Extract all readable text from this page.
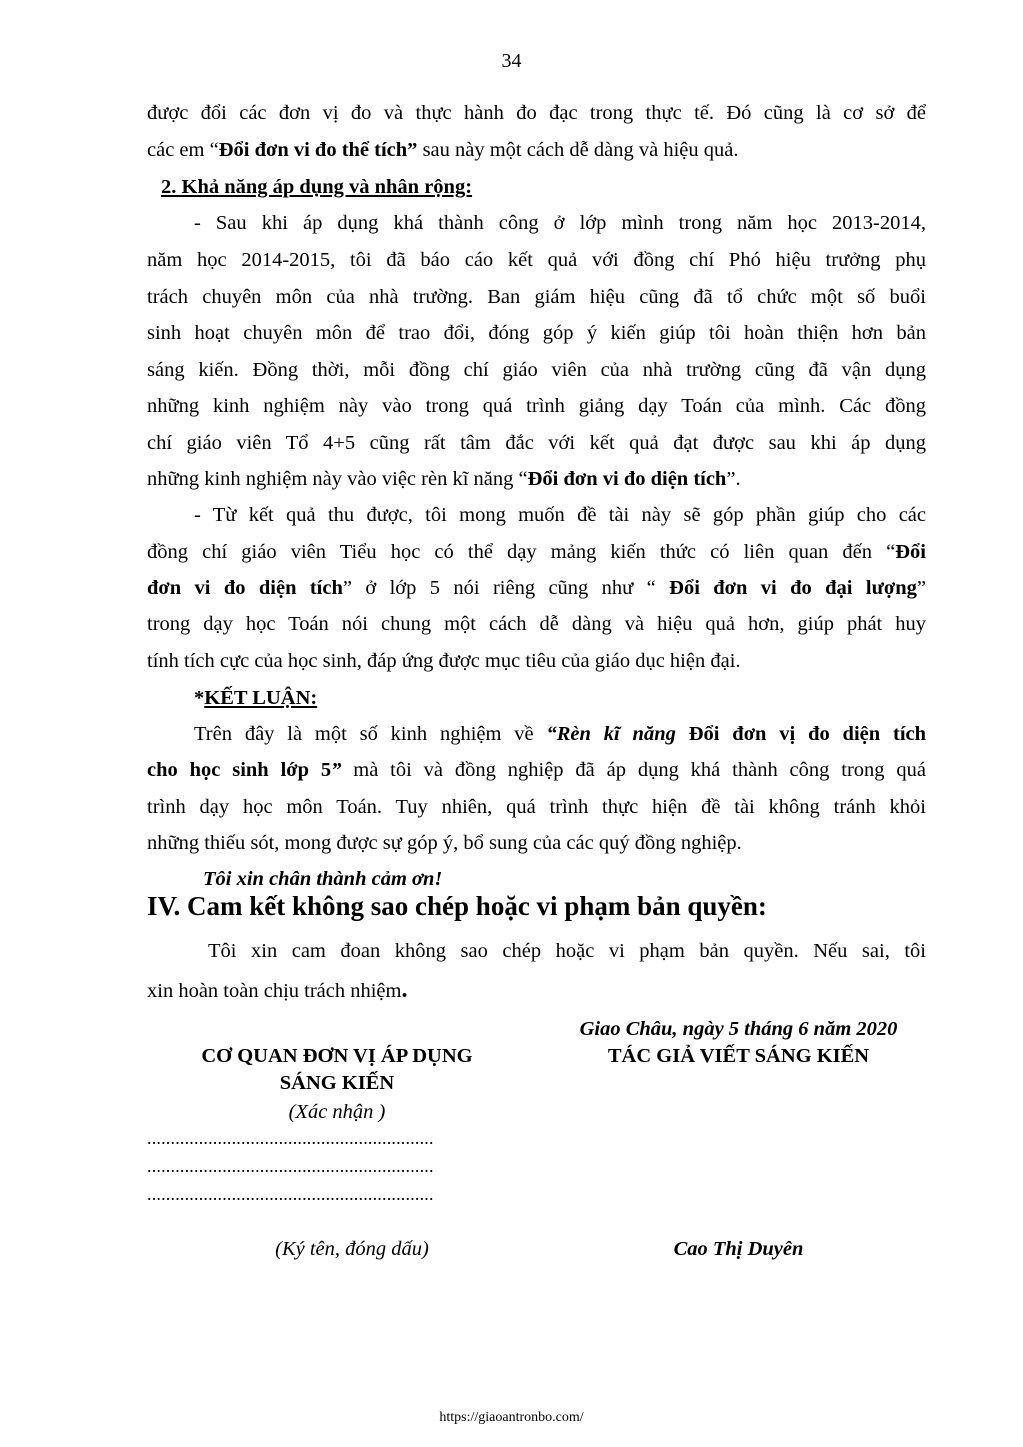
34
được đổi các đơn vị đo và thực hành đo đạc trong thực tế. Đó cũng là cơ sở để
các em “Đổi đơn vi đo thể tích” sau này một cách dễ dàng và hiệu quả.
2. Khả năng áp dụng và nhân rộng:
- Sau khi áp dụng khá thành công ở lớp mình trong năm học 2013-2014,
năm học 2014-2015, tôi đã báo cáo kết quả với đồng chí Phó hiệu trưởng phụ
trách chuyên môn của nhà trường. Ban giám hiệu cũng đã tổ chức một số buổi
sinh hoạt chuyên môn để trao đổi, đóng góp ý kiến giúp tôi hoàn thiện hơn bản
sáng kiến. Đồng thời, mỗi đồng chí giáo viên của nhà trường cũng đã vận dụng
những kinh nghiệm này vào trong quá trình giảng dạy Toán của mình. Các đồng
chí giáo viên Tổ 4+5 cũng rất tâm đắc với kết quả đạt được sau khi áp dụng
những kinh nghiệm này vào việc rèn kĩ năng “Đổi đơn vi đo diện tích”.
- Từ kết quả thu được, tôi mong muốn đề tài này sẽ góp phần giúp cho các
đồng chí giáo viên Tiểu học có thể dạy mảng kiến thức có liên quan đến “Đổi
đơn vi đo diện tích” ở lớp 5 nói riêng cũng như “ Đổi đơn vi đo đại lượng”
trong dạy học Toán nói chung một cách dễ dàng và hiệu quả hơn, giúp phát huy
tính tích cực của học sinh, đáp ứng được mục tiêu của giáo dục hiện đại.
*KẾT LUẬN:
Trên đây là một số kinh nghiệm về “Rèn kĩ năng Đổi đơn vị đo diện tích
cho học sinh lớp 5” mà tôi và đồng nghiệp đã áp dụng khá thành công trong quá
trình dạy học môn Toán. Tuy nhiên, quá trình thực hiện đề tài không tránh khỏi
những thiếu sót, mong được sự góp ý, bổ sung của các quý đồng nghiệp.
Tôi xin chân thành cảm ơn!
IV. Cam kết không sao chép hoặc vi phạm bản quyền:
Tôi xin cam đoan không sao chép hoặc vi phạm bản quyền. Nếu sai, tôi
xin hoàn toàn chịu trách nhiệm.
Giao Châu, ngày 5 tháng 6 năm 2020
CƠ QUAN ĐƠN VỊ ÁP DỤNG	TÁC GIẢ VIẾT SÁNG KIẾN
SÁNG KIẾN
(Xác nhận )
.............................................................
.............................................................
.............................................................
(Ký tên, đóng dấu)	Cao Thị Duyên
https://giaoantronbo.com/
